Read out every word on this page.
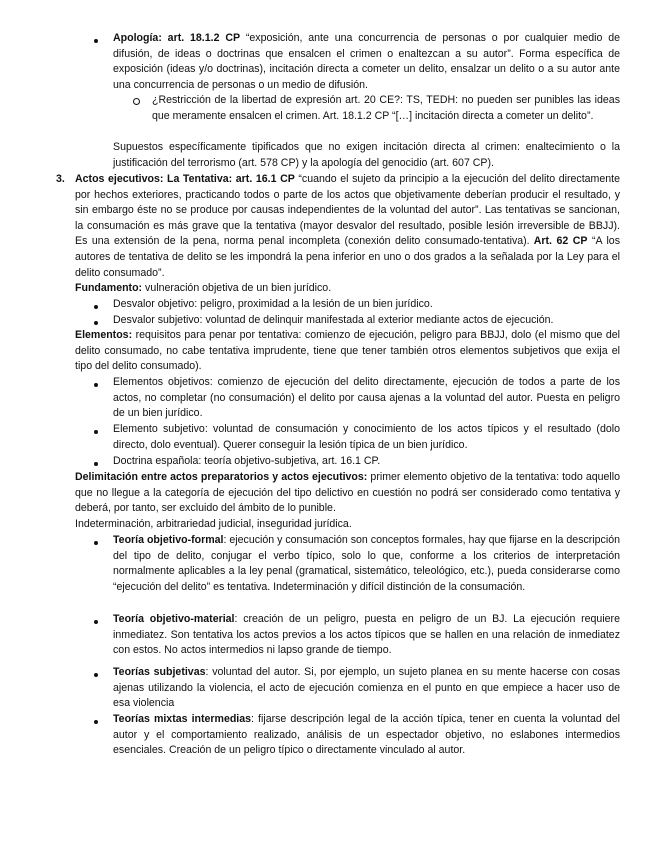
Apología: art. 18.1.2 CP “exposición, ante una concurrencia de personas o por cualquier medio de difusión, de ideas o doctrinas que ensalcen el crimen o enaltezcan a su autor”. Forma específica de exposición (ideas y/o doctrinas), incitación directa a cometer un delito, ensalzar un delito o a su autor ante una concurrencia de personas o un medio de difusión.

¿Restricción de la libertad de expresión art. 20 CE?: TS, TEDH: no pueden ser punibles las ideas que meramente ensalcen el crimen. Art. 18.1.2 CP “[…] incitación directa a cometer un delito”.

Supuestos específicamente tipificados que no exigen incitación directa al crimen: enaltecimiento o la justificación del terrorismo (art. 578 CP) y la apología del genocidio (art. 607 CP).

3. Actos ejecutivos: La Tentativa: art. 16.1 CP “cuando el sujeto da principio a la ejecución del delito directamente por hechos exteriores, practicando todos o parte de los actos que objetivamente deberían producir el resultado, y sin embargo éste no se produce por causas independientes de la voluntad del autor”. Las tentativas se sancionan, la consumación es más grave que la tentativa (mayor desvalor del resultado, posible lesión irreversible de BBJJ). Es una extensión de la pena, norma penal incompleta (conexión delito consumado-tentativa). Art. 62 CP “A los autores de tentativa de delito se les impondrá la pena inferior en uno o dos grados a la señalada por la Ley para el delito consumado”.

Fundamento: vulneración objetiva de un bien jurídico.

Desvalor objetivo: peligro, proximidad a la lesión de un bien jurídico.

Desvalor subjetivo: voluntad de delinquir manifestada al exterior mediante actos de ejecución.

Elementos: requisitos para penar por tentativa: comienzo de ejecución, peligro para BBJJ, dolo (el mismo que del delito consumado, no cabe tentativa imprudente, tiene que tener también otros elementos subjetivos que exija el tipo del delito consumado).

Elementos objetivos: comienzo de ejecución del delito directamente, ejecución de todos a parte de los actos, no completar (no consumación) el delito por causa ajenas a la voluntad del autor. Puesta en peligro de un bien jurídico.

Elemento subjetivo: voluntad de consumación y conocimiento de los actos típicos y el resultado (dolo directo, dolo eventual). Querer conseguir la lesión típica de un bien jurídico.

Doctrina española: teoría objetivo-subjetiva, art. 16.1 CP.

Delimitación entre actos preparatorios y actos ejecutivos: primer elemento objetivo de la tentativa: todo aquello que no llegue a la categoría de ejecución del tipo delictivo en cuestión no podrá ser considerado como tentativa y deberá, por tanto, ser excluido del ámbito de lo punible.

Indeterminación, arbitrariedad judicial, inseguridad jurídica.

Teoría objetivo-formal: ejecución y consumación son conceptos formales, hay que fijarse en la descripción del tipo de delito, conjugar el verbo típico, solo lo que, conforme a los criterios de interpretación normalmente aplicables a la ley penal (gramatical, sistemático, teleológico, etc.), pueda considerarse como “ejecución del delito” es tentativa. Indeterminación y difícil distinción de la consumación.

Teoría objetivo-material: creación de un peligro, puesta en peligro de un BJ. La ejecución requiere inmediatez. Son tentativa los actos previos a los actos típicos que se hallen en una relación de inmediatez con estos. No actos intermedios ni lapso grande de tiempo.

Teorías subjetivas: voluntad del autor. Si, por ejemplo, un sujeto planea en su mente hacerse con cosas ajenas utilizando la violencia, el acto de ejecución comienza en el punto en que empiece a hacer uso de esa violencia

Teorías mixtas intermedias: fijarse descripción legal de la acción típica, tener en cuenta la voluntad del autor y el comportamiento realizado, análisis de un espectador objetivo, no eslabones intermedios esenciales. Creación de un peligro típico o directamente vinculado al autor.
